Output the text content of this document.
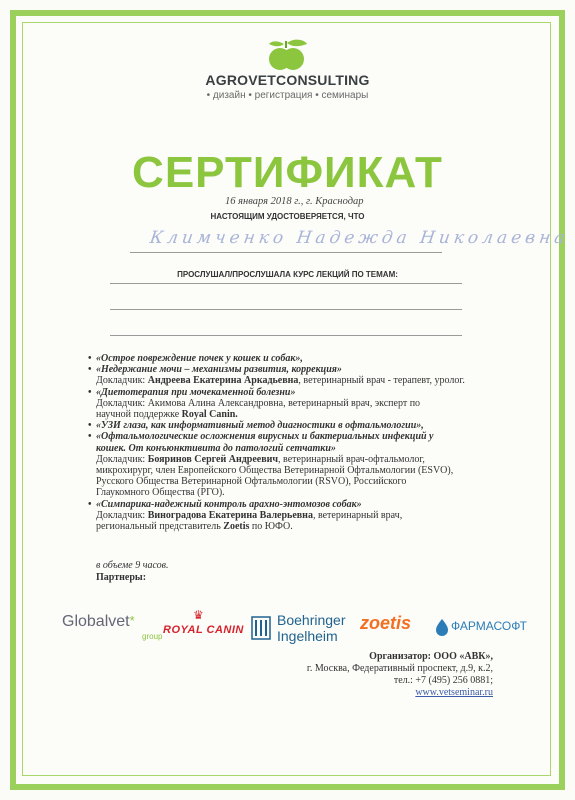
AGROVETCONSULTING
• дизайн • регистрация • семинары
СЕРТИФИКАТ
16 января 2018 г., г. Краснодар
НАСТОЯЩИМ УДОСТОВЕРЯЕТСЯ, ЧТО
Климченко Надежда Николаевна
ПРОСЛУШАЛ/ПРОСЛУШАЛА КУРС ЛЕКЦИЙ ПО ТЕМАМ:
• «Острое повреждение почек у кошек и собак»,
• «Недержание мочи – механизмы развития, коррекция»
Докладчик: Андреева Екатерина Аркадьевна, ветеринарный врач - терапевт, уролог.
• «Диетотерапия при мочекаменной болезни»
Докладчик: Акимова Алина Александровна, ветеринарный врач, эксперт по
научной поддержке Royal Canin.
• «УЗИ глаза, как информативный метод диагностики в офтальмологии»,
• «Офтальмологические осложнения вирусных и бактериальных инфекций у
кошек. От конъюнктивита до патологий сетчатки»
Докладчик: Бояринов Сергей Андреевич, ветеринарный врач-офтальмолог,
микрохирург, член Европейского Общества Ветеринарной Офтальмологии (ESVO),
Русского Общества Ветеринарной Офтальмологии (RSVO), Российского
Глаукомного Общества (РГО).
• «Симпарика-надежный контроль арахно-энтомозов собак»
Докладчик: Виноградова Екатерина Валерьевна, ветеринарный врач,
региональный представитель Zoetis по ЮФО.
в объеме 9 часов.
Партнеры:
Globalvet*
group
♛
ROYAL CANIN
Boehringer
Ingelheim
zoetis	ФАРМАСОФТ
Организатор: ООО «АВК»,
г. Москва, Федеративный проспект, д.9, к.2,
тел.: +7 (495) 256 0881;
www.vetseminar.ru
